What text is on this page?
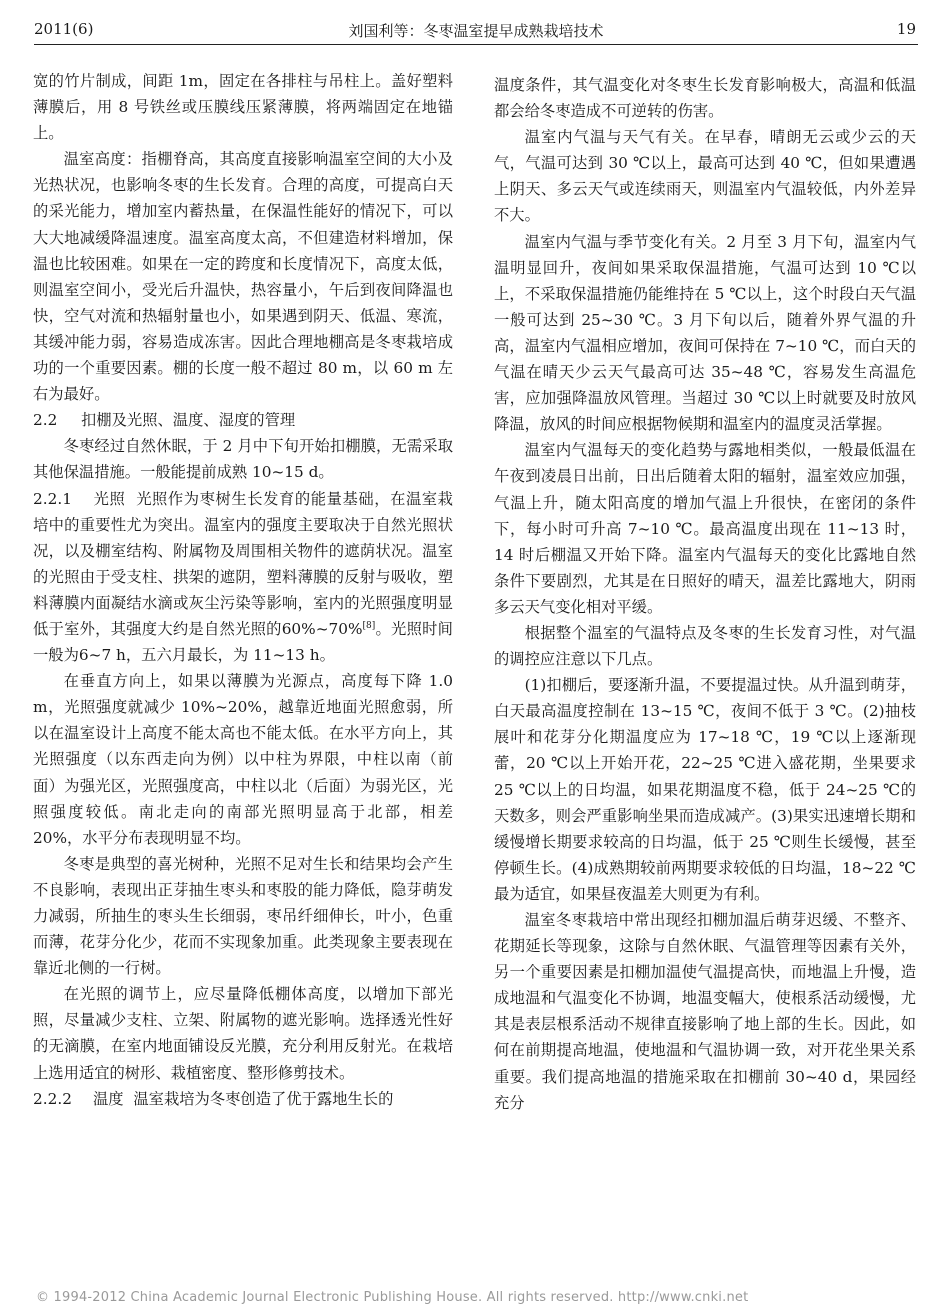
2011(6)	刘国利等：冬枣温室提早成熟栽培技术	19

宽的竹片制成，间距 1m，固定在各排柱与吊柱上。盖好塑料薄膜后，用 8 号铁丝或压膜线压紧薄膜，将两端固定在地锚上。

温室高度：指棚脊高，其高度直接影响温室空间的大小及光热状况，也影响冬枣的生长发育。合理的高度，可提高白天的采光能力，增加室内蓄热量，在保温性能好的情况下，可以大大地减缓降温速度。温室高度太高，不但建造材料增加，保温也比较困难。如果在一定的跨度和长度情况下，高度太低，则温室空间小，受光后升温快，热容量小，午后到夜间降温也快，空气对流和热辐射量也小，如果遇到阴天、低温、寒流，其缓冲能力弱，容易造成冻害。因此合理地棚高是冬枣栽培成功的一个重要因素。棚的长度一般不超过 80 m，以 60 m 左右为最好。

2.2 扣棚及光照、温度、湿度的管理

冬枣经过自然休眠，于 2 月中下旬开始扣棚膜，无需采取其他保温措施。一般能提前成熟 10~15 d。

2.2.1 光照 光照作为枣树生长发育的能量基础，在温室栽培中的重要性尤为突出。温室内的强度主要取决于自然光照状况，以及棚室结构、附属物及周围相关物件的遮荫状况。温室的光照由于受支柱、拱架的遮阴，塑料薄膜的反射与吸收，塑料薄膜内面凝结水滴或灰尘污染等影响，室内的光照强度明显低于室外，其强度大约是自然光照的60%~70%[8]。光照时间一般为6~7 h，五六月最长，为 11~13 h。

在垂直方向上，如果以薄膜为光源点，高度每下降 1.0 m，光照强度就减少 10%~20%，越靠近地面光照愈弱，所以在温室设计上高度不能太高也不能太低。在水平方向上，其光照强度（以东西走向为例）以中柱为界限，中柱以南（前面）为强光区，光照强度高，中柱以北（后面）为弱光区，光照强度较低。南北走向的南部光照明显高于北部，相差 20%，水平分布表现明显不均。

冬枣是典型的喜光树种，光照不足对生长和结果均会产生不良影响，表现出正芽抽生枣头和枣股的能力降低，隐芽萌发力减弱，所抽生的枣头生长细弱，枣吊纤细伸长，叶小，色重而薄，花芽分化少，花而不实现象加重。此类现象主要表现在靠近北侧的一行树。

在光照的调节上，应尽量降低棚体高度，以增加下部光照，尽量减少支柱、立架、附属物的遮光影响。选择透光性好的无滴膜，在室内地面铺设反光膜，充分利用反射光。在栽培上选用适宜的树形、栽植密度、整形修剪技术。

2.2.2 温度 温室栽培为冬枣创造了优于露地生长的

温度条件，其气温变化对冬枣生长发育影响极大，高温和低温都会给冬枣造成不可逆转的伤害。

温室内气温与天气有关。在早春，晴朗无云或少云的天气，气温可达到 30 ℃以上，最高可达到 40 ℃，但如果遭遇上阴天、多云天气或连续雨天，则温室内气温较低，内外差异不大。

温室内气温与季节变化有关。2 月至 3 月下旬，温室内气温明显回升，夜间如果采取保温措施，气温可达到 10 ℃以上，不采取保温措施仍能维持在 5 ℃以上，这个时段白天气温一般可达到 25~30 ℃。3 月下旬以后，随着外界气温的升高，温室内气温相应增加，夜间可保持在 7~10 ℃，而白天的气温在晴天少云天气最高可达 35~48 ℃，容易发生高温危害，应加强降温放风管理。当超过 30 ℃以上时就要及时放风降温，放风的时间应根据物候期和温室内的温度灵活掌握。

温室内气温每天的变化趋势与露地相类似，一般最低温在午夜到凌晨日出前，日出后随着太阳的辐射，温室效应加强，气温上升，随太阳高度的增加气温上升很快，在密闭的条件下，每小时可升高 7~10 ℃。最高温度出现在 11~13 时，14 时后棚温又开始下降。温室内气温每天的变化比露地自然条件下要剧烈，尤其是在日照好的晴天，温差比露地大，阴雨多云天气变化相对平缓。

根据整个温室的气温特点及冬枣的生长发育习性，对气温的调控应注意以下几点。

(1)扣棚后，要逐渐升温，不要提温过快。从升温到萌芽，白天最高温度控制在 13~15 ℃，夜间不低于 3 ℃。(2)抽枝展叶和花芽分化期温度应为 17~18 ℃，19 ℃以上逐渐现蕾，20 ℃以上开始开花，22~25 ℃进入盛花期，坐果要求 25 ℃以上的日均温，如果花期温度不稳，低于 24~25 ℃的天数多，则会严重影响坐果而造成减产。(3)果实迅速增长期和缓慢增长期要求较高的日均温，低于 25 ℃则生长缓慢，甚至停顿生长。(4)成熟期较前两期要求较低的日均温，18~22 ℃最为适宜，如果昼夜温差大则更为有利。

温室冬枣栽培中常出现经扣棚加温后萌芽迟缓、不整齐、花期延长等现象，这除与自然休眠、气温管理等因素有关外，另一个重要因素是扣棚加温使气温提高快，而地温上升慢，造成地温和气温变化不协调，地温变幅大，使根系活动缓慢，尤其是表层根系活动不规律直接影响了地上部的生长。因此，如何在前期提高地温，使地温和气温协调一致，对开花坐果关系重要。我们提高地温的措施采取在扣棚前 30~40 d，果园经充分

© 1994-2012 China Academic Journal Electronic Publishing House. All rights reserved. http://www.cnki.net
